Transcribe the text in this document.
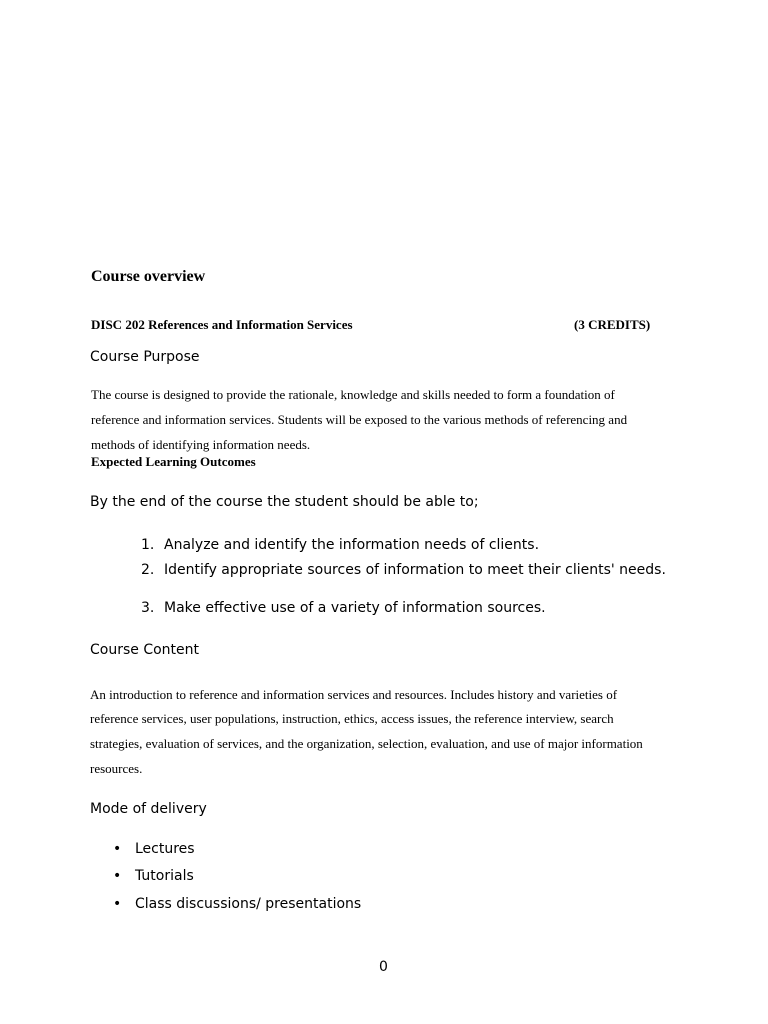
Course overview
DISC 202 References and Information Services	(3 CREDITS)
Course Purpose
The course is designed to provide the rationale, knowledge and skills needed to form a foundation of
reference and information services. Students will be exposed to the various methods of referencing and
methods of identifying information needs.
Expected Learning Outcomes
By the end of the course the student should be able to;
1. Analyze and identify the information needs of clients.
2. Identify appropriate sources of information to meet their clients' needs.
3. Make effective use of a variety of information sources.
Course Content
An introduction to reference and information services and resources. Includes history and varieties of
reference services, user populations, instruction, ethics, access issues, the reference interview, search
strategies, evaluation of services, and the organization, selection, evaluation, and use of major information
resources.
Mode of delivery
• Lectures
• Tutorials
• Class discussions/ presentations
0
